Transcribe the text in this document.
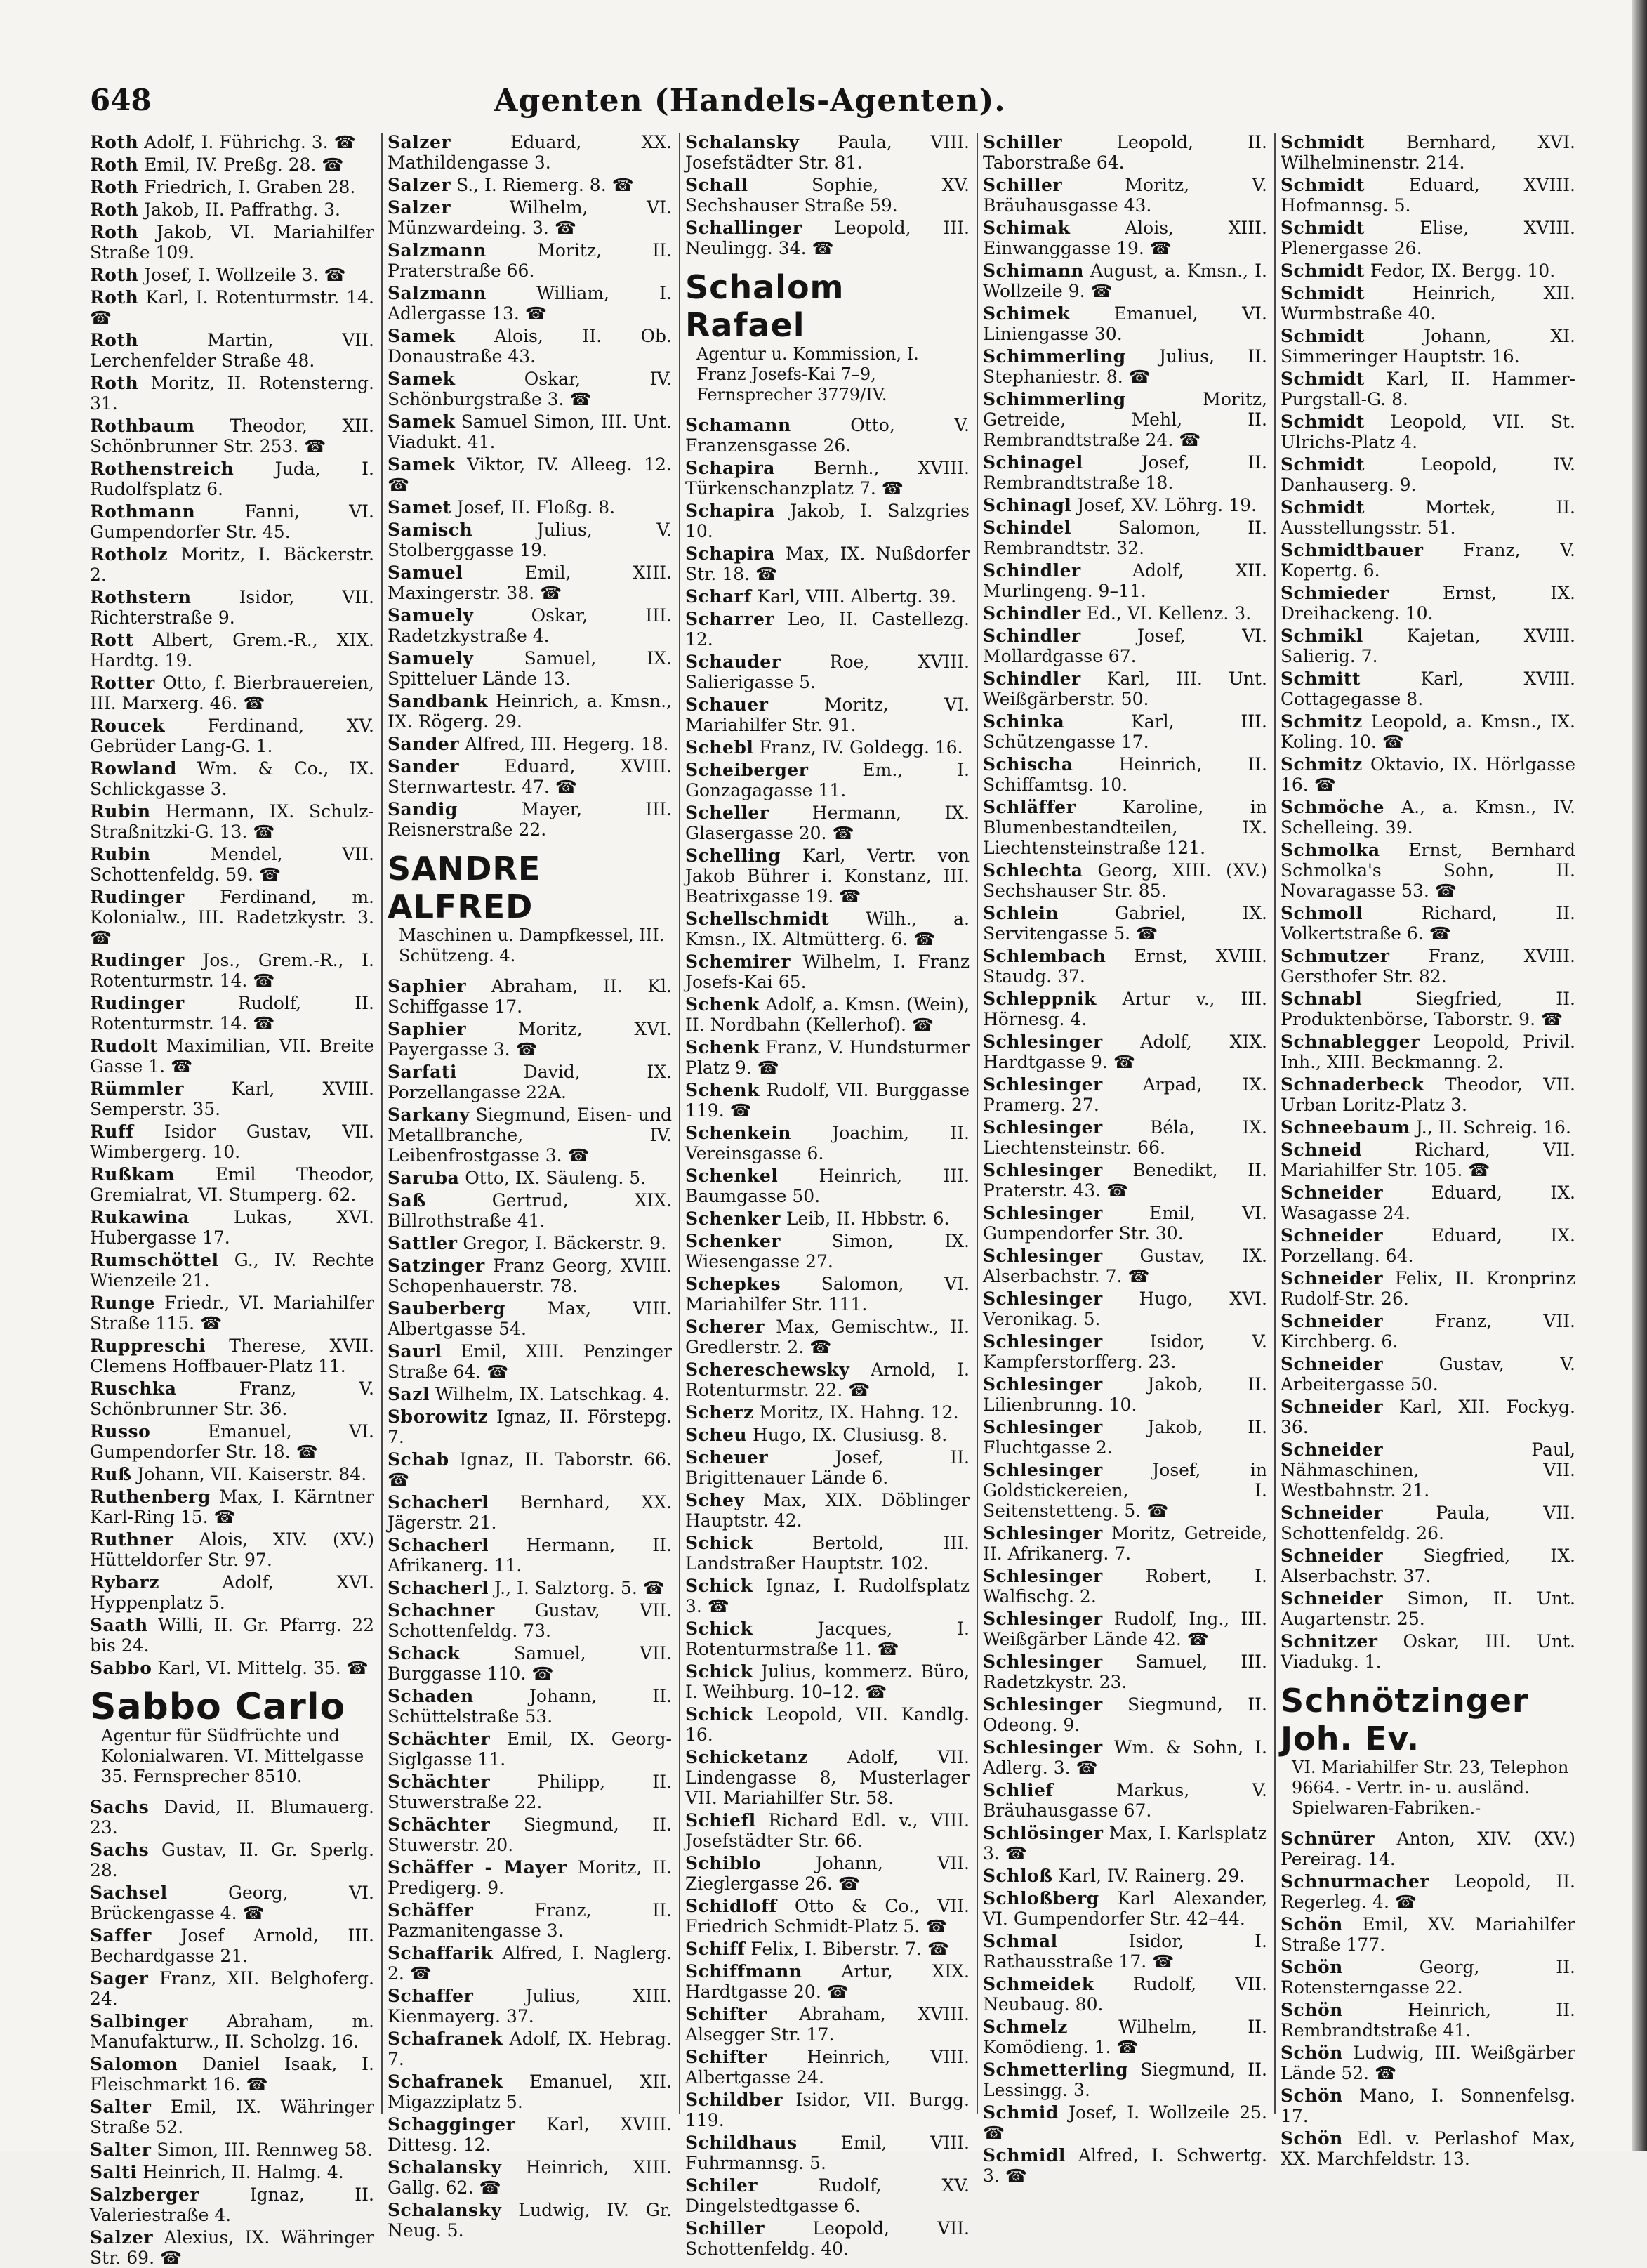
648	Agenten (Handels-Agenten).
Roth Adolf, I. Führichg. 3. ☎
Roth Emil, IV. Preßg. 28. ☎
Roth Friedrich, I. Graben 28.
Roth Jakob, II. Paffrathg. 3.
Roth Jakob, VI. Mariahilfer Straße 109.
Roth Josef, I. Wollzeile 3. ☎
Roth Karl, I. Rotenturmstr. 14. ☎
Roth	Martin, VII. Lerchenfelder Straße 48.
Roth Moritz, II. Rotensterng. 31.
Rothbaum Theodor, XII. Schönbrunner Str. 253. ☎
Rothenstreich Juda, I. Rudolfsplatz 6.
Rothmann	Fanni, VI. Gumpendorfer Str. 45.
Rotholz Moritz, I. Bäckerstr. 2.
Rothstern	Isidor, VII. Richterstraße 9.
Rott Albert, Grem.-R., XIX. Hardtg. 19.
Rotter Otto, f. Bierbrauereien, III. Marxerg. 46. ☎
Roucek Ferdinand, XV. Gebrüder Lang-G. 1.
Rowland Wm. & Co., IX. Schlickgasse 3.
Rubin Hermann, IX. Schulz-Straßnitzki-G. 13. ☎
Rubin	Mendel, VII. Schottenfeldg. 59. ☎
Rudinger Ferdinand, m. Kolonialw., III. Radetzkystr. 3. ☎
Rudinger Jos., Grem.-R., I. Rotenturmstr. 14. ☎
Rudinger	Rudolf, II. Rotenturmstr. 14. ☎
Rudolt Maximilian, VII. Breite Gasse 1. ☎
Rümmler	Karl, XVIII. Semperstr. 35.
Ruff Isidor Gustav, VII. Wimbergerg. 10.
Rußkam Emil Theodor, Gremialrat, VI. Stumperg. 62.
Rukawina	Lukas, XVI. Hubergasse 17.
Rumschöttel G., IV. Rechte Wienzeile 21.
Runge Friedr., VI. Mariahilfer Straße 115. ☎
Ruppreschi Therese, XVII. Clemens Hoffbauer-Platz 11.
Ruschka	Franz, V. Schönbrunner Str. 36.
Russo	Emanuel, VI. Gumpendorfer Str. 18. ☎
Ruß Johann, VII. Kaiserstr. 84.
Ruthenberg Max, I. Kärntner Karl-Ring 15. ☎
Ruthner Alois, XIV. (XV.) Hütteldorfer Str. 97.
Rybarz	Adolf, XVI. Hyppenplatz 5.
Saath Willi, II. Gr. Pfarrg. 22 bis 24.
Sabbo Karl, VI. Mittelg. 35. ☎
Sabbo Carlo
Agentur für Südfrüchte und Kolonialwaren. VI. Mittelgasse 35. Fernsprecher 8510.
Sachs David, II. Blumauerg. 23.
Sachs Gustav, II. Gr. Sperlg. 28.
Sachsel	Georg, VI. Brückengasse 4. ☎
Saffer Josef Arnold, III. Bechardgasse 21.
Sager Franz, XII. Belghoferg. 24.
Salbinger Abraham, m. Manufakturw., II. Scholzg. 16.
Salomon Daniel Isaak, I. Fleischmarkt 16. ☎
Salter Emil, IX. Währinger Straße 52.
Salter Simon, III. Rennweg 58.
Salti Heinrich, II. Halmg. 4.
Salzberger	Ignaz, II. Valeriestraße 4.
Salzer Alexius, IX. Währinger Str. 69. ☎
Salzer	Eduard, XX. Mathildengasse 3.
Salzer S., I. Riemerg. 8. ☎
Salzer	Wilhelm, VI. Münzwardeing. 3. ☎
Salzmann	Moritz, II. Praterstraße 66.
Salzmann	William, I. Adlergasse 13. ☎
Samek Alois, II. Ob. Donaustraße 43.
Samek	Oskar, IV. Schönburgstraße 3. ☎
Samek Samuel Simon, III. Unt. Viadukt. 41.
Samek Viktor, IV. Alleeg. 12. ☎
Samet Josef, II. Floßg. 8.
Samisch	Julius, V. Stolberggasse 19.
Samuel	Emil, XIII. Maxingerstr. 38. ☎
Samuely	Oskar, III. Radetzkystraße 4.
Samuely	Samuel, IX. Spitteluer Lände 13.
Sandbank Heinrich, a. Kmsn., IX. Rögerg. 29.
Sander Alfred, III. Hegerg. 18.
Sander	Eduard, XVIII. Sternwartestr. 47. ☎
Sandig	Mayer, III. Reisnerstraße 22.
SANDRE ALFRED
Maschinen u. Dampfkessel, III. Schützeng. 4.
Saphier Abraham, II. Kl. Schiffgasse 17.
Saphier	Moritz, XVI. Payergasse 3. ☎
Sarfati	David, IX. Porzellangasse 22A.
Sarkany Siegmund, Eisen- und Metallbranche, IV. Leibenfrostgasse 3. ☎
Saruba Otto, IX. Säuleng. 5.
Saß	Gertrud, XIX. Billrothstraße 41.
Sattler Gregor, I. Bäckerstr. 9.
Satzinger Franz Georg, XVIII. Schopenhauerstr. 78.
Sauberberg Max, VIII. Albertgasse 54.
Saurl Emil, XIII. Penzinger Straße 64. ☎
Sazl Wilhelm, IX. Latschkag. 4.
Sborowitz Ignaz, II. Förstерg. 7.
Schab Ignaz, II. Taborstr. 66. ☎
Schacherl Bernhard, XX. Jägerstr. 21.
Schacherl Hermann, II. Afrikanerg. 11.
Schacherl J., I. Salztorg. 5. ☎
Schachner Gustav, VII. Schottenfeldg. 73.
Schack	Samuel, VII. Burggasse 110. ☎
Schaden	Johann, II. Schüttelstraße 53.
Schächter Emil, IX. Georg-Siglgasse 11.
Schächter	Philipp, II. Stuwerstraße 22.
Schächter Siegmund, II. Stuwerstr. 20.
Schäffer - Mayer Moritz, II. Predigerg. 9.
Schäffer	Franz, II. Pazmanitengasse 3.
Schaffarik Alfred, I. Naglerg. 2. ☎
Schaffer	Julius, XIII. Kienmayerg. 37.
Schafranek Adolf, IX. Hebrag. 7.
Schafranek Emanuel, XII. Migazziplatz 5.
Schagginger Karl, XVIII. Dittesg. 12.
Schalansky Heinrich, XIII. Gallg. 62. ☎
Schalansky Ludwig, IV. Gr. Neug. 5.
Schalansky Paula, VIII. Josefstädter Str. 81.
Schall	Sophie, XV. Sechshauser Straße 59.
Schallinger Leopold, III. Neulingg. 34. ☎
Schalom Rafael
Agentur u. Kommission, I. Franz Josefs-Kai 7–9, Fernsprecher 3779/IV.
Schamann	Otto, V. Franzensgasse 26.
Schapira Bernh., XVIII. Türkenschanzplatz 7. ☎
Schapira Jakob, I. Salzgries 10.
Schapira Max, IX. Nußdorfer Str. 18. ☎
Scharf Karl, VIII. Albertg. 39.
Scharrer Leo, II. Castellezg. 12.
Schauder	Roe, XVIII. Salierigasse 5.
Schauer	Moritz, VI. Mariahilfer Str. 91.
Schebl Franz, IV. Goldegg. 16.
Scheiberger	Em., I. Gonzagagasse 11.
Scheller Hermann, IX. Glasergasse 20. ☎
Schelling Karl, Vertr. von Jakob Bührer i. Konstanz, III. Beatrixgasse 19. ☎
Schellschmidt Wilh., a. Kmsn., IX. Altmütterg. 6. ☎
Schemirer Wilhelm, I. Franz Josefs-Kai 65.
Schenk Adolf, a. Kmsn. (Wein), II. Nordbahn (Kellerhof). ☎
Schenk Franz, V. Hundsturmer Platz 9. ☎
Schenk Rudolf, VII. Burggasse 119. ☎
Schenkein Joachim, II. Vereinsgasse 6.
Schenkel Heinrich, III. Baumgasse 50.
Schenker Leib, II. Hbbstr. 6.
Schenker	Simon, IX. Wiesengasse 27.
Schepkes Salomon, VI. Mariahilfer Str. 111.
Scherer Max, Gemischtw., II. Gredlerstr. 2. ☎
Schereschewsky Arnold, I. Rotenturmstr. 22. ☎
Scherz Moritz, IX. Hahng. 12.
Scheu Hugo, IX. Clusiusg. 8.
Scheuer	Josef, II. Brigittenauer Lände 6.
Schey Max, XIX. Döblinger Hauptstr. 42.
Schick	Bertold, III. Landstraßer Hauptstr. 102.
Schick Ignaz, I. Rudolfsplatz 3. ☎
Schick	Jacques, I. Rotenturmstraße 11. ☎
Schick Julius, kommerz. Büro, I. Weihburg. 10–12. ☎
Schick Leopold, VII. Kandlg. 16.
Schicketanz Adolf, VII. Lindengasse 8, Musterlager VII. Mariahilfer Str. 58.
Schiefl Richard Edl. v., VIII. Josefstädter Str. 66.
Schiblo	Johann, VII. Zieglergasse 26. ☎
Schidloff Otto & Co., VII. Friedrich Schmidt-Platz 5. ☎
Schiff Felix, I. Biberstr. 7. ☎
Schiffmann Artur, XIX. Hardtgasse 20. ☎
Schifter Abraham, XVIII. Alsegger Str. 17.
Schifter Heinrich, VIII. Albertgasse 24.
Schildber Isidor, VII. Burgg. 119.
Schildhaus Emil, VIII. Fuhrmannsg. 5.
Schiler	Rudolf, XV. Dingelstedtgasse 6.
Schiller	Leopold, VII. Schottenfeldg. 40.
Schiller	Leopold, II. Taborstraße 64.
Schiller	Moritz, V. Bräuhausgasse 43.
Schimak	Alois, XIII. Einwanggasse 19. ☎
Schimann August, a. Kmsn., I. Wollzeile 9. ☎
Schimek	Emanuel, VI. Liniengasse 30.
Schimmerling Julius, II. Stephaniestr. 8. ☎
Schimmerling	Moritz, Getreide, Mehl, II. Rembrandtstraße 24. ☎
Schinagel	Josef, II. Rembrandtstraße 18.
Schinagl Josef, XV. Löhrg. 19.
Schindel	Salomon, II. Rembrandtstr. 32.
Schindler	Adolf, XII. Murlingeng. 9–11.
Schindler Ed., VI. Kellenz. 3.
Schindler	Josef, VI. Mollardgasse 67.
Schindler Karl, III. Unt. Weißgärberstr. 50.
Schinka	Karl, III. Schützengasse 17.
Schischa	Heinrich, II. Schiffamtsg. 10.
Schläffer	Karoline, in Blumenbestandteilen, IX. Liechtensteinstraße 121.
Schlechta Georg, XIII. (XV.) Sechshauser Str. 85.
Schlein	Gabriel, IX. Servitengasse 5. ☎
Schlembach Ernst, XVIII. Staudg. 37.
Schleppnik Artur v., III. Hörnesg. 4.
Schlesinger Adolf, XIX. Hardtgasse 9. ☎
Schlesinger Arpad, IX. Pramerg. 27.
Schlesinger	Béla, IX. Liechtensteinstr. 66.
Schlesinger Benedikt, II. Praterstr. 43. ☎
Schlesinger	Emil, VI. Gumpendorfer Str. 30.
Schlesinger Gustav, IX. Alserbachstr. 7. ☎
Schlesinger Hugo, XVI. Veronikag. 5.
Schlesinger	Isidor, V. Kampferstorfferg. 23.
Schlesinger	Jakob, II. Lilienbrunng. 10.
Schlesinger	Jakob, II. Fluchtgasse 2.
Schlesinger	Josef, in Goldstickereien, I. Seitenstetteng. 5. ☎
Schlesinger Moritz, Getreide, II. Afrikanerg. 7.
Schlesinger Robert, I. Walfischg. 2.
Schlesinger Rudolf, Ing., III. Weißgärber Lände 42. ☎
Schlesinger Samuel, III. Radetzkystr. 23.
Schlesinger Siegmund, II. Odeong. 9.
Schlesinger Wm. & Sohn, I. Adlerg. 3. ☎
Schlief	Markus, V. Bräuhausgasse 67.
Schlösinger Max, I. Karlsplatz 3. ☎
Schloß Karl, IV. Rainerg. 29.
Schloßberg Karl Alexander, VI. Gumpendorfer Str. 42–44.
Schmal	Isidor, I. Rathausstraße 17. ☎
Schmeidek Rudolf, VII. Neubaug. 80.
Schmelz	Wilhelm, II. Komödieng. 1. ☎
Schmetterling Siegmund, II. Lessingg. 3.
Schmid Josef, I. Wollzeile 25. ☎
Schmidl Alfred, I. Schwertg. 3. ☎
Schmidt Bernhard, XVI. Wilhelminenstr. 214.
Schmidt	Eduard, XVIII. Hofmannsg. 5.
Schmidt	Elise, XVIII. Plenergasse 26.
Schmidt Fedor, IX. Bergg. 10.
Schmidt	Heinrich, XII. Wurmbstraße 40.
Schmidt	Johann, XI. Simmeringer Hauptstr. 16.
Schmidt Karl, II. Hammer-Purgstall-G. 8.
Schmidt Leopold, VII. St. Ulrichs-Platz 4.
Schmidt	Leopold, IV. Danhauserg. 9.
Schmidt	Mortek, II. Ausstellungsstr. 51.
Schmidtbauer Franz, V. Kopertg. 6.
Schmieder	Ernst, IX. Dreihackeng. 10.
Schmikl Kajetan, XVIII. Salierig. 7.
Schmitt	Karl, XVIII. Cottagegasse 8.
Schmitz Leopold, a. Kmsn., IX. Koling. 10. ☎
Schmitz Oktavio, IX. Hörlgasse 16. ☎
Schmöche A., a. Kmsn., IV. Schelleing. 39.
Schmolka Ernst, Bernhard Schmolka's Sohn, II. Novaragasse 53. ☎
Schmoll	Richard, II. Volkertstraße 6. ☎
Schmutzer Franz, XVIII. Gersthofer Str. 82.
Schnabl	Siegfried, II. Produktenbörse, Taborstr. 9. ☎
Schnablegger Leopold, Privil. Inh., XIII. Beckmanng. 2.
Schnaderbeck Theodor, VII. Urban Loritz-Platz 3.
Schneebaum J., II. Schreig. 16.
Schneid	Richard, VII. Mariahilfer Str. 105. ☎
Schneider	Eduard, IX. Wasagasse 24.
Schneider	Eduard, IX. Porzellang. 64.
Schneider Felix, II. Kronprinz Rudolf-Str. 26.
Schneider	Franz, VII. Kirchberg. 6.
Schneider	Gustav, V. Arbeitergasse 50.
Schneider Karl, XII. Fockyg. 36.
Schneider	Paul, Nähmaschinen, VII. Westbahnstr. 21.
Schneider	Paula, VII. Schottenfeldg. 26.
Schneider Siegfried, IX. Alserbachstr. 37.
Schneider Simon, II. Unt. Augartenstr. 25.
Schnitzer Oskar, III. Unt. Viadukg. 1.
Schnötzinger Joh. Ev.
VI. Mariahilfer Str. 23, Telephon 9664. - Vertr. in- u. ausländ. Spielwaren-Fabriken.-
Schnürer Anton, XIV. (XV.) Pereirag. 14.
Schnurmacher Leopold, II. Regerleg. 4. ☎
Schön Emil, XV. Mariahilfer Straße 177.
Schön	Georg, II. Rotensterngasse 22.
Schön	Heinrich, II. Rembrandtstraße 41.
Schön Ludwig, III. Weißgärber Lände 52. ☎
Schön Mano, I. Sonnenfelsg. 17.
Schön Edl. v. Perlashof Max, XX. Marchfeldstr. 13.
